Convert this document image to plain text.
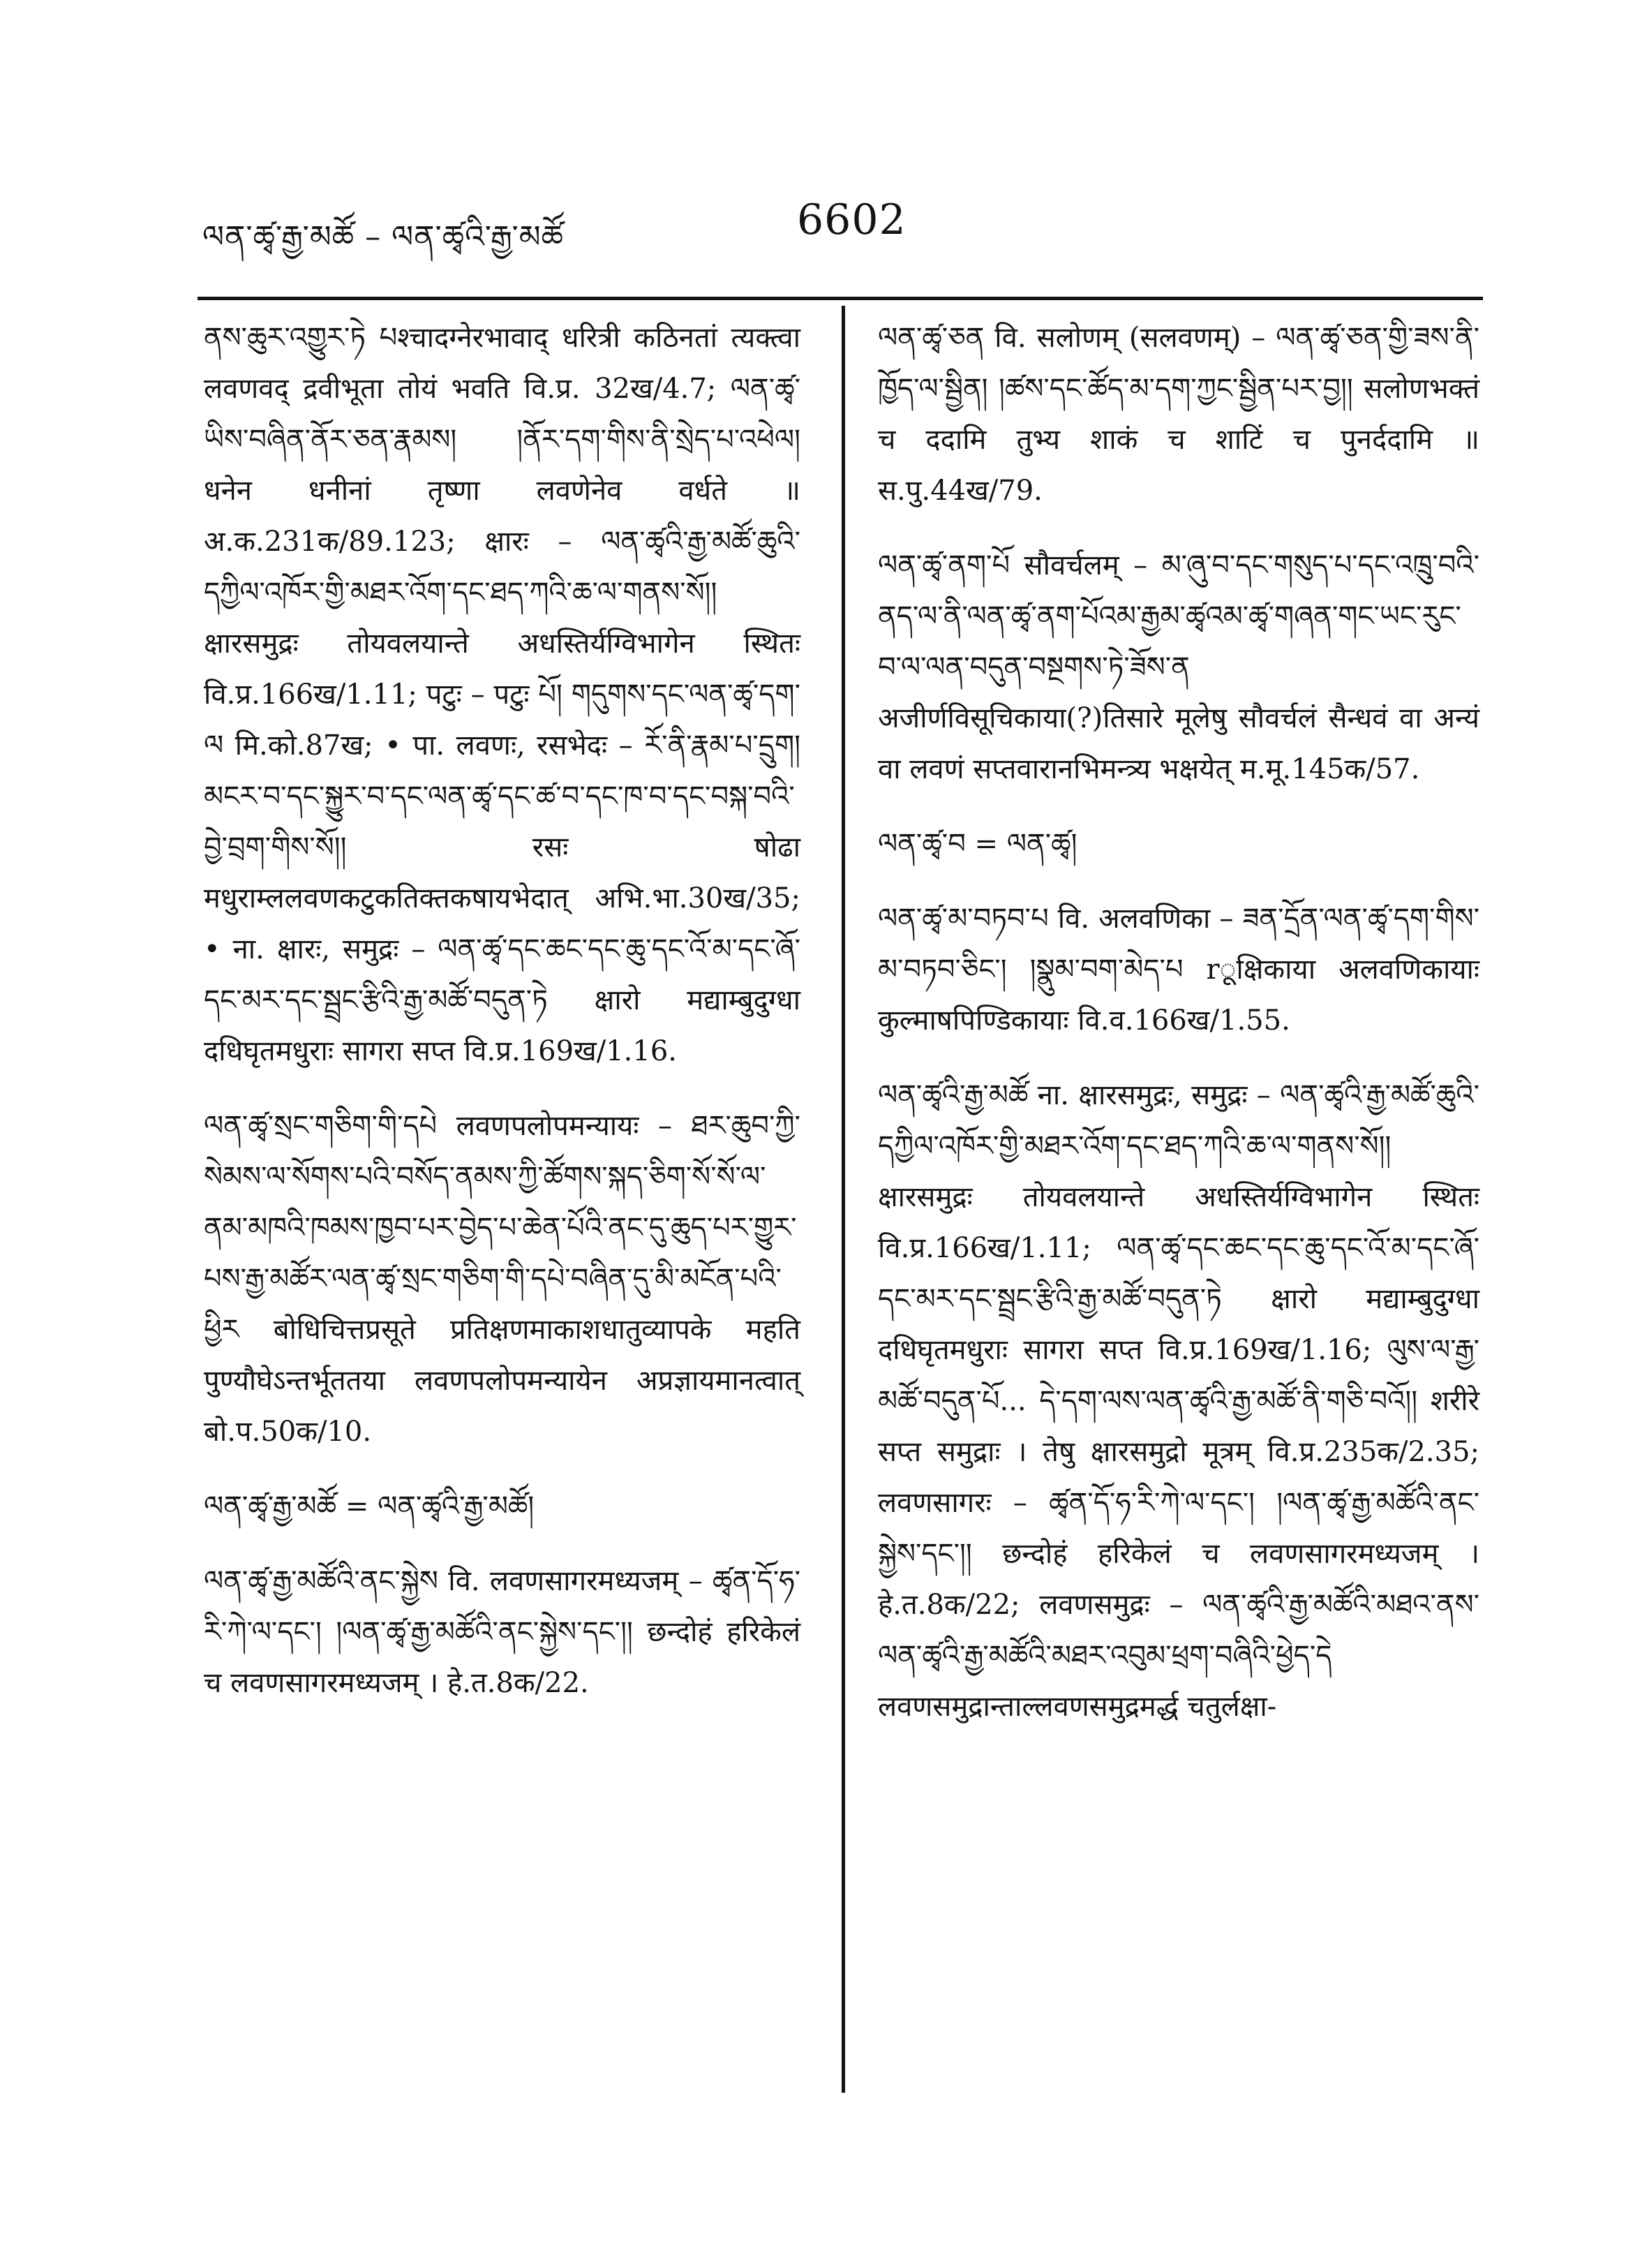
ལན་ཚྭ་རྒྱ་མཚོ – ལན་ཚྭའི་རྒྱ་མཚོ	6602

ནས་ཆུར་འགྱུར་ཏེ པश्चादग्नेरभावाद् धरित्री कठिनतां त्यक्त्वा लवणवद् द्रवीभूता तोयं भवति वि.प्र. 32ख/4.7; ལན་ཚྭ་ཡིས་བཞིན་ནོར་ཅན་རྣམས། །ནོར་དག་གིས་ནི་སྲེད་པ་འཕེལ། धनेन धनीनां तृष्णा लवणेनेव वर्धते ॥ अ.क.231क/89.123; क्षारः – ལན་ཚྭའི་རྒྱ་མཚོ་ཆུའི་དཀྱིལ་འཁོར་གྱི་མཐར་འོག་དང་ཐད་ཀའི་ཆ་ལ་གནས་སོ།། क्षारसमुद्रः तोयवलयान्ते अधस्तिर्यग्विभागेन स्थितः वि.प्र.166ख/1.11; पटुः – पटुः པོ། གདུགས་དང་ལན་ཚྭ་དག་ལ मि.को.87ख; • पा. लवणः, रसभेदः – རོ་ནི་རྣམ་པ་དྲུག། མངར་བ་དང་སྐྱུར་བ་དང་ལན་ཚྭ་དང་ཚ་བ་དང་ཁ་བ་དང་བསྐ་བའི་བྱེ་བྲག་གིས་སོ།། रसः षोढा मधुराम्ललवणकटुकतिक्तकषायभेदात् अभि.भा.30ख/35; • ना. क्षारः, समुद्रः – ལན་ཚྭ་དང་ཆང་དང་ཆུ་དང་འོ་མ་དང་ཞོ་དང་མར་དང་སྦྲང་རྩིའི་རྒྱ་མཚོ་བདུན་ཏེ क्षारो मद्याम्बुदुग्धा दधिघृतमधुराः सागरा सप्त वि.प्र.169ख/1.16.

ལན་ཚྭ་སྲང་གཅིག་གི་དཔེ लवणपलोपमन्यायः – ཐར་ཆུབ་ཀྱི་སེམས་ལ་སོགས་པའི་བསོད་ནམས་ཀྱི་ཚོགས་སྐད་ཅིག་སོ་སོ་ལ་ནམ་མཁའི་ཁམས་ཁྱབ་པར་བྱེད་པ་ཆེན་པོའི་ནང་དུ་ཆུད་པར་གྱུར་པས་རྒྱ་མཚོར་ལན་ཚྭ་སྲང་གཅིག་གི་དཔེ་བཞིན་དུ་མི་མངོན་པའི་ཕྱིར बोधिचित्तप्रसूते प्रतिक्षणमाकाशधातुव्यापके महति पुण्यौघेऽन्तर्भूततया लवणपलोपमन्यायेन अप्रज्ञायमानत्वात् बो.प.50क/10.

ལན་ཚྭ་རྒྱ་མཚོ = ལན་ཚྭའི་རྒྱ་མཚོ།

ལན་ཚྭ་རྒྱ་མཚོའི་ནང་སྐྱེས वि. लवणसागरमध्यजम् – ཚྭན་དོ་ཧ་རི་ཀེ་ལ་དང་། །ལན་ཚྭ་རྒྱ་མཚོའི་ནང་སྐྱེས་དང་།། छन्दोहं हरिकेलं च लवणसागरमध्यजम् । हे.त.8क/22.

ལན་ཚྭ་ཅན वि. सलोणम् (सलवणम्) – ལན་ཚྭ་ཅན་གྱི་ཟས་ནི་ཁྱོད་ལ་སྦྱིན། །ཚས་དང་ཚོད་མ་དག་ཀྱང་སྦྱིན་པར་བྱ།། सलोणभक्तं च ददामि तुभ्य शाकं च शाटिं च पुनर्ददामि ॥ स.पु.44ख/79.

ལན་ཚྭ་ནག་པོ सौवर्चलम् – མ་ཞུ་བ་དང་གསུད་པ་དང་འཁྲུ་བའི་ནད་ལ་ནི་ལན་ཚྭ་ནག་པོའམ་རྒྱམ་ཚྭའམ་ཚྭ་གཞན་གང་ཡང་རུང་བ་ལ་ལན་བདུན་བསྔགས་ཏེ་ཟོས་ན अजीर्णविसूचिकाया(?)तिसारे मूलेषु सौवर्चलं सैन्धवं वा अन्यं वा लवणं सप्तवारानभिमन्त्र्य भक्षयेत् म.मू.145क/57.

ལན་ཚྭ་བ = ལན་ཚྭ།

ལན་ཚྭ་མ་བཏབ་པ वि. अलवणिका – ཟན་དྲོན་ལན་ཚྭ་དག་གིས་མ་བཏབ་ཅིང་། །སྣུམ་བག་མེད་པ rूक्षिकाया अलवणिकायाः कुल्माषपिण्डिकायाः वि.व.166ख/1.55.

ལན་ཚྭའི་རྒྱ་མཚོ ना. क्षारसमुद्रः, समुद्रः – ལན་ཚྭའི་རྒྱ་མཚོ་ཆུའི་དཀྱིལ་འཁོར་གྱི་མཐར་འོག་དང་ཐད་ཀའི་ཆ་ལ་གནས་སོ།། क्षारसमुद्रः तोयवलयान्ते अधस्तिर्यग्विभागेन स्थितः वि.प्र.166ख/1.11; ལན་ཚྭ་དང་ཆང་དང་ཆུ་དང་འོ་མ་དང་ཞོ་དང་མར་དང་སྦྲང་རྩིའི་རྒྱ་མཚོ་བདུན་ཏེ क्षारो मद्याम्बुदुग्धा दधिघृतमधुराः सागरा सप्त वि.प्र.169ख/1.16; ལུས་ལ་རྒྱ་མཚོ་བདུན་པོ... དེ་དག་ལས་ལན་ཚྭའི་རྒྱ་མཚོ་ནི་གཅི་བའོ།། शरीरे सप्त समुद्राः । तेषु क्षारसमुद्रो मूत्रम् वि.प्र.235क/2.35; लवणसागरः – ཚྭན་དོ་ཧ་རི་ཀེ་ལ་དང་། །ལན་ཚྭ་རྒྱ་མཚོའི་ནང་སྐྱེས་དང་།། छन्दोहं हरिकेलं च लवणसागरमध्यजम् । हे.त.8क/22; लवणसमुद्रः – ལན་ཚྭའི་རྒྱ་མཚོའི་མཐའ་ནས་ལན་ཚྭའི་རྒྱ་མཚོའི་མཐར་འབུམ་ཕྲག་བཞིའི་ཕྱེད་དེ लवणसमुद्रान्ताल्लवणसमुद्रमर्द्ध चतुर्लक्षा-
